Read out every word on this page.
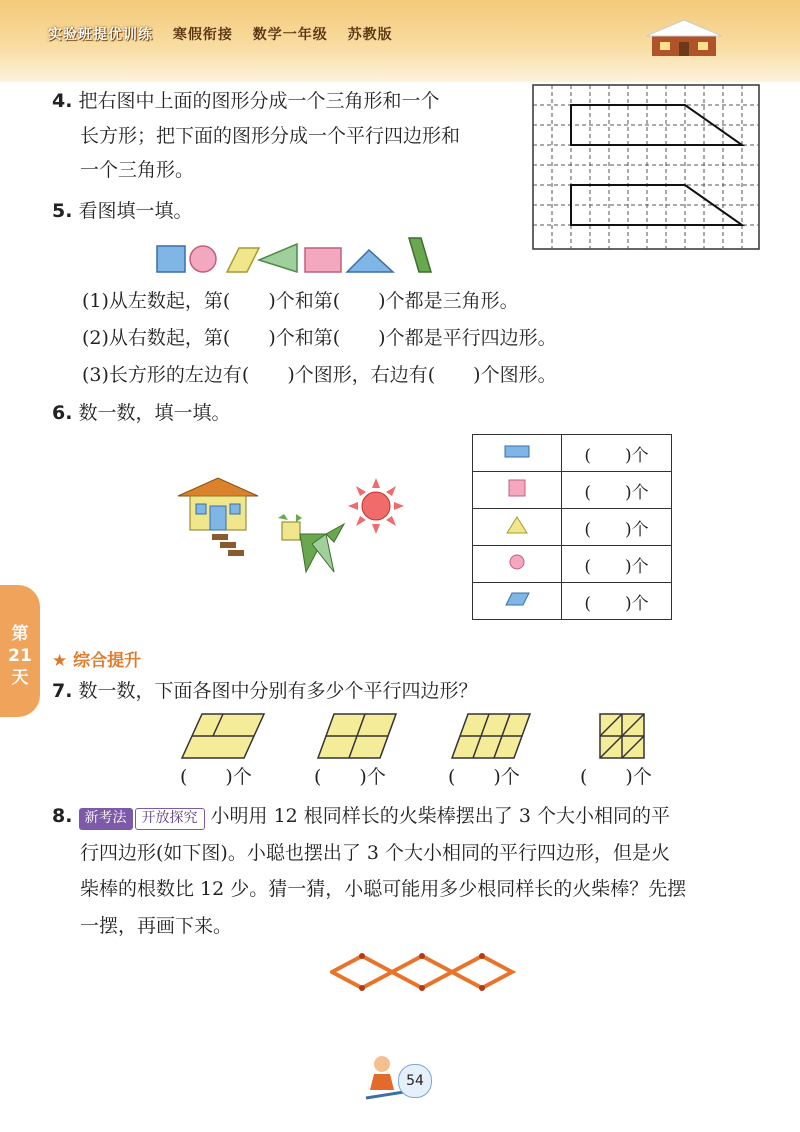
实验班提优训练 寒假衔接 数学一年级 苏教版
4. 把右图中上面的图形分成一个三角形和一个
长方形；把下面的图形分成一个平行四边形和
一个三角形。
5. 看图填一填。
(1)从左数起，第(　　)个和第(　　)个都是三角形。
(2)从右数起，第(　　)个和第(　　)个都是平行四边形。
(3)长方形的左边有(　　)个图形，右边有(　　)个图形。
6. 数一数，填一填。
	(　　)个
	(　　)个
	(　　)个
	(　　)个
	(　　)个
第21天
★ 综合提升
7. 数一数，下面各图中分别有多少个平行四边形？
(　　)个	(　　)个	(　　)个	(　　)个
8. 新考法 开放探究 小明用 12 根同样长的火柴棒摆出了 3 个大小相同的平
行四边形(如下图)。小聪也摆出了 3 个大小相同的平行四边形，但是火
柴棒的根数比 12 少。猜一猜，小聪可能用多少根同样长的火柴棒？先摆
一摆，再画下来。
54
